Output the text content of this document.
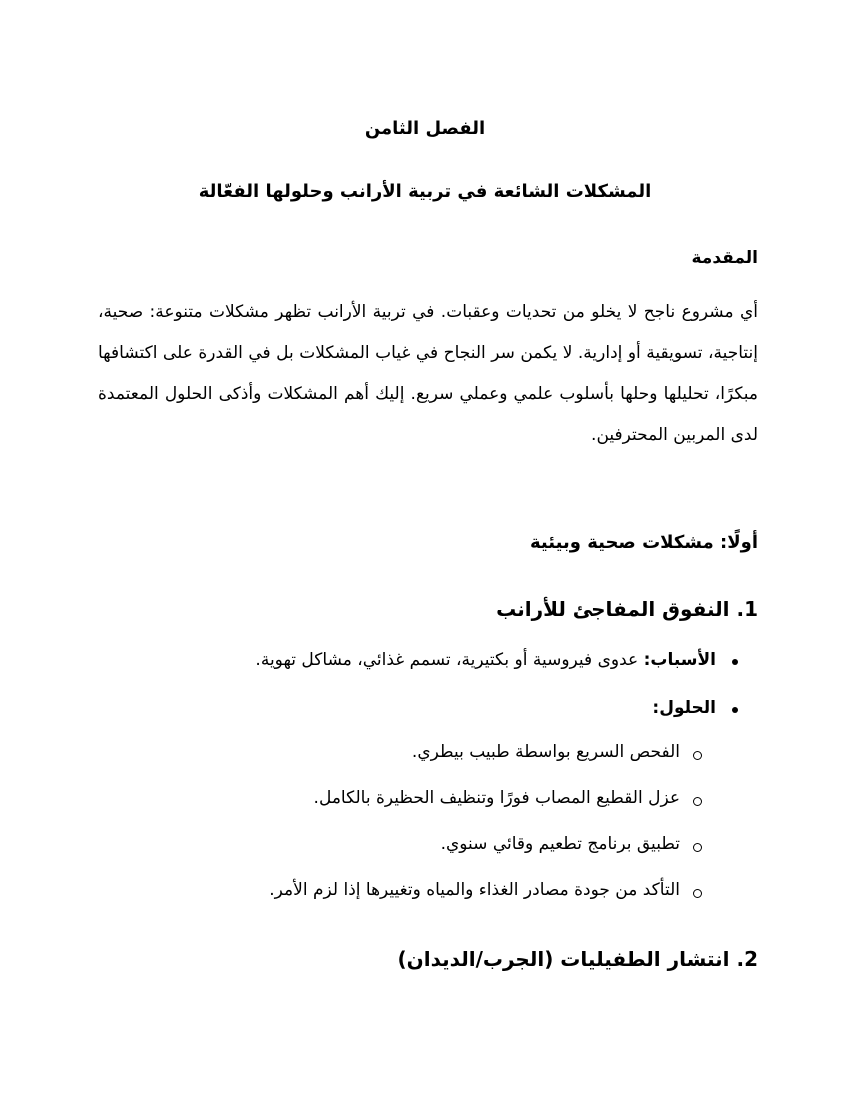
الفصل الثامن
المشكلات الشائعة في تربية الأرانب وحلولها الفعّالة
المقدمة

أي مشروع ناجح لا يخلو من تحديات وعقبات. في تربية الأرانب تظهر مشكلات متنوعة: صحية، إنتاجية، تسويقية أو إدارية. لا يكمن سر النجاح في غياب المشكلات بل في القدرة على اكتشافها مبكرًا، تحليلها وحلها بأسلوب علمي وعملي سريع. إليك أهم المشكلات وأذكى الحلول المعتمدة لدى المربين المحترفين.

أولًا: مشكلات صحية وبيئية
1. النفوق المفاجئ للأرانب
الأسباب: عدوى فيروسية أو بكتيرية، تسمم غذائي، مشاكل تهوية.
الحلول:
الفحص السريع بواسطة طبيب بيطري.
عزل القطيع المصاب فورًا وتنظيف الحظيرة بالكامل.
تطبيق برنامج تطعيم وقائي سنوي.
التأكد من جودة مصادر الغذاء والمياه وتغييرها إذا لزم الأمر.
2. انتشار الطفيليات (الجرب/الديدان)
